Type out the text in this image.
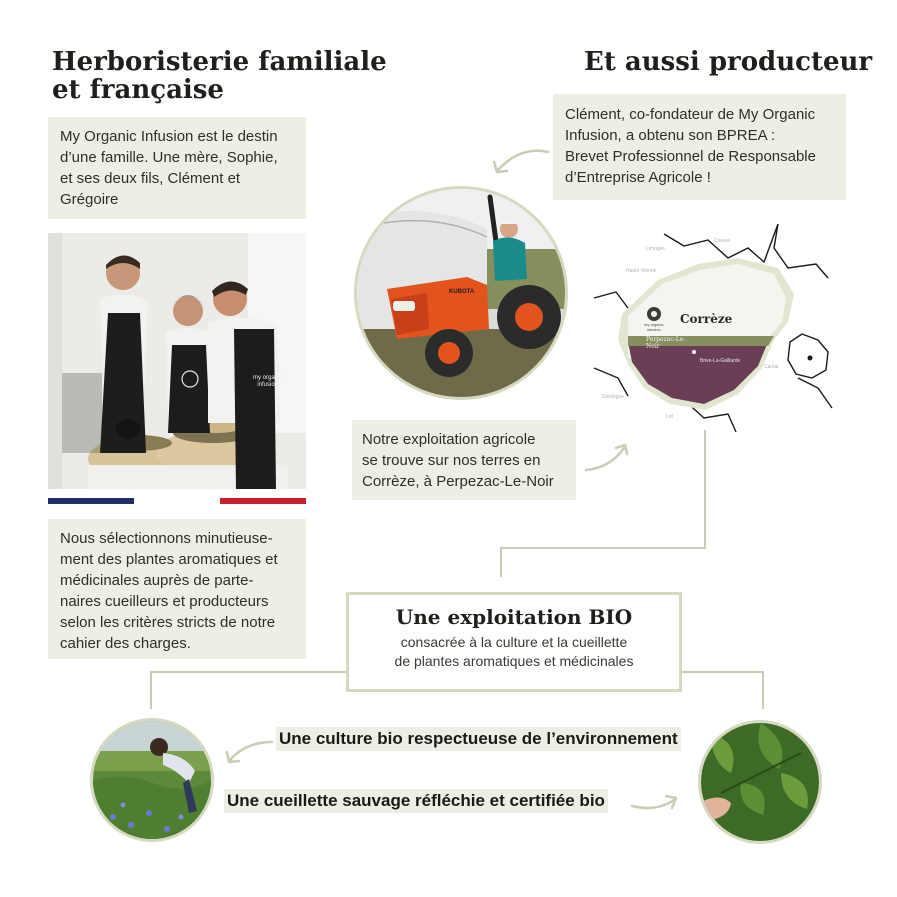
Herboristerie familiale
et française
My Organic Infusion est le destin
d’une famille. Une mère, Sophie,
et ses deux fils, Clément et
Grégoire
my organic
infusion
Nous sélectionnons minutieuse-
ment des plantes aromatiques et
médicinales auprès de parte-
naires cueilleurs et producteurs
selon les critères stricts de notre
cahier des charges.
Et aussi producteur
Clément, co-fondateur de My Organic
Infusion, a obtenu son BPREA :
Brevet Professionnel de Responsable
d’Entreprise Agricole !
KUBOTA
Corrèze
Perpezac-Le-Noir
my organic
infusion
Creuse
Haute-Vienne
Cantal
Dordogne
Lot
Limoges
Brive-La-Gaillarde
Notre exploitation agricole
se trouve sur nos terres en
Corrèze, à Perpezac-Le-Noir
Une exploitation BIO
consacrée à la culture et la cueillette
de plantes aromatiques et médicinales
Une culture bio respectueuse de l’environnement
Une cueillette sauvage réfléchie et certifiée bio
